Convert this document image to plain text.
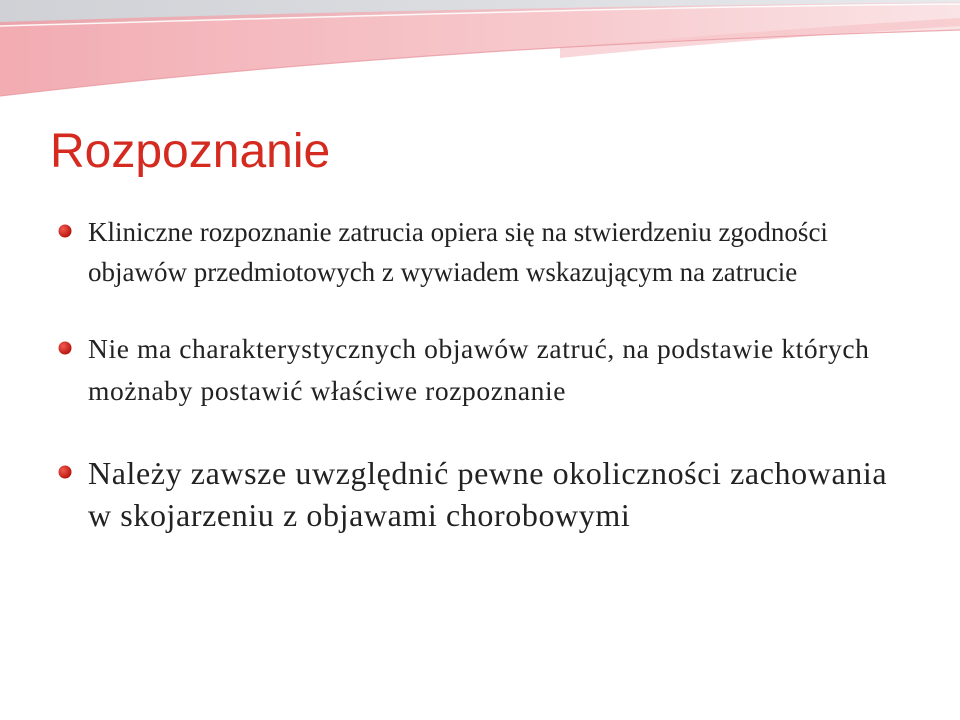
Rozpoznanie
Kliniczne rozpoznanie zatrucia opiera się na stwierdzeniu zgodności objawów przedmiotowych z wywiadem wskazującym na zatrucie
Nie ma charakterystycznych objawów zatruć, na podstawie których możnaby postawić właściwe rozpoznanie
Należy zawsze uwzględnić pewne okoliczności zachowania w skojarzeniu z objawami chorobowymi
